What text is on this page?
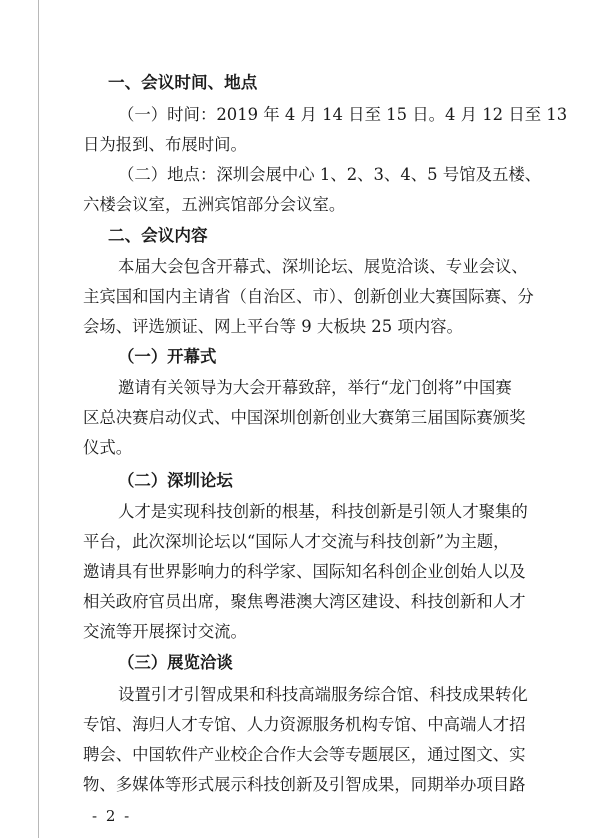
一、会议时间、地点
（一）时间：2019 年 4 月 14 日至 15 日。4 月 12 日至 13
日为报到、布展时间。
（二）地点：深圳会展中心 1、2、3、4、5 号馆及五楼、
六楼会议室，五洲宾馆部分会议室。
二、会议内容
本届大会包含开幕式、深圳论坛、展览洽谈、专业会议、
主宾国和国内主请省（自治区、市）、创新创业大赛国际赛、分
会场、评选颁证、网上平台等 9 大板块 25 项内容。
（一）开幕式
邀请有关领导为大会开幕致辞，举行“龙门创将”中国赛
区总决赛启动仪式、中国深圳创新创业大赛第三届国际赛颁奖
仪式。
（二）深圳论坛
人才是实现科技创新的根基，科技创新是引领人才聚集的
平台，此次深圳论坛以“国际人才交流与科技创新”为主题，
邀请具有世界影响力的科学家、国际知名科创企业创始人以及
相关政府官员出席，聚焦粤港澳大湾区建设、科技创新和人才
交流等开展探讨交流。
（三）展览洽谈
设置引才引智成果和科技高端服务综合馆、科技成果转化
专馆、海归人才专馆、人力资源服务机构专馆、中高端人才招
聘会、中国软件产业校企合作大会等专题展区，通过图文、实
物、多媒体等形式展示科技创新及引智成果，同期举办项目路
- 2 -
